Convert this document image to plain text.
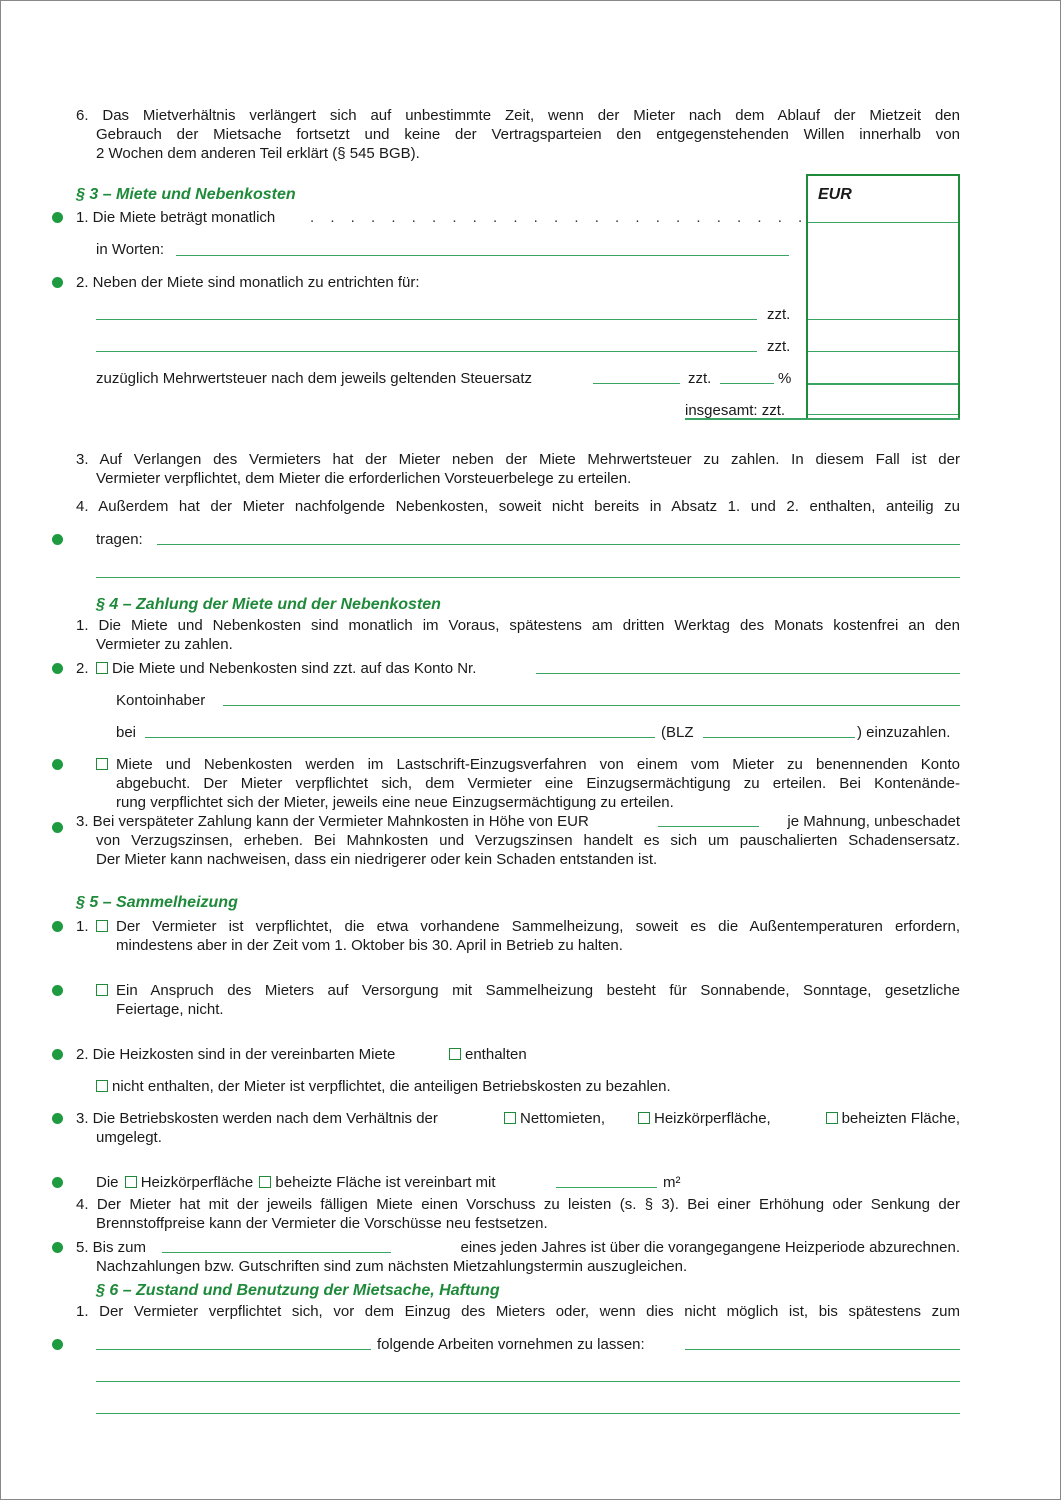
6. Das Mietverhältnis verlängert sich auf unbestimmte Zeit, wenn der Mieter nach dem Ablauf der Mietzeit den
Gebrauch der Mietsache fortsetzt und keine der Vertragsparteien den entgegenstehenden Willen innerhalb von
2 Wochen dem anderen Teil erklärt (§ 545 BGB).
§ 3 – Miete und Nebenkosten	EUR
1. Die Miete beträgt monatlich . . . . . . . . . . . . . . . . . . . . . . . . .
in Worten:
2. Neben der Miete sind monatlich zu entrichten für:
zzt.
zzt.
zuzüglich Mehrwertsteuer nach dem jeweils geltenden Steuersatz	zzt.	%
insgesamt: zzt.
3. Auf Verlangen des Vermieters hat der Mieter neben der Miete Mehrwertsteuer zu zahlen. In diesem Fall ist der
Vermieter verpflichtet, dem Mieter die erforderlichen Vorsteuerbelege zu erteilen.
4. Außerdem hat der Mieter nachfolgende Nebenkosten, soweit nicht bereits in Absatz 1. und 2. enthalten, anteilig zu
tragen:
§ 4 – Zahlung der Miete und der Nebenkosten
1. Die Miete und Nebenkosten sind monatlich im Voraus, spätestens am dritten Werktag des Monats kostenfrei an den
Vermieter zu zahlen.
2.	Die Miete und Nebenkosten sind zzt. auf das Konto Nr.
Kontoinhaber
bei	(BLZ	) einzuzahlen.
Miete und Nebenkosten werden im Lastschrift-Einzugsverfahren von einem vom Mieter zu benennenden Konto
abgebucht. Der Mieter verpflichtet sich, dem Vermieter eine Einzugsermächtigung zu erteilen. Bei Kontenände-
rung verpflichtet sich der Mieter, jeweils eine neue Einzugsermächtigung zu erteilen.
3. Bei verspäteter Zahlung kann der Vermieter Mahnkosten in Höhe von EUR	je Mahnung, unbeschadet
von Verzugszinsen, erheben. Bei Mahnkosten und Verzugszinsen handelt es sich um pauschalierten Schadensersatz.
Der Mieter kann nachweisen, dass ein niedrigerer oder kein Schaden entstanden ist.
§ 5 – Sammelheizung
1. Der Vermieter ist verpflichtet, die etwa vorhandene Sammelheizung, soweit es die Außentemperaturen erfordern,
mindestens aber in der Zeit vom 1. Oktober bis 30. April in Betrieb zu halten.
Ein Anspruch des Mieters auf Versorgung mit Sammelheizung besteht für Sonnabende, Sonntage, gesetzliche
Feiertage, nicht.
2. Die Heizkosten sind in der vereinbarten Miete	enthalten
nicht enthalten, der Mieter ist verpflichtet, die anteiligen Betriebskosten zu bezahlen.
3. Die Betriebskosten werden nach dem Verhältnis der	Nettomieten,	Heizkörperfläche,	beheizten Fläche,
umgelegt.
Die Heizkörperfläche beheizte Fläche ist vereinbart mit	m²
4. Der Mieter hat mit der jeweils fälligen Miete einen Vorschuss zu leisten (s. § 3). Bei einer Erhöhung oder Senkung der
Brennstoffpreise kann der Vermieter die Vorschüsse neu festsetzen.
5. Bis zum	eines jeden Jahres ist über die vorangegangene Heizperiode abzurechnen.
Nachzahlungen bzw. Gutschriften sind zum nächsten Mietzahlungstermin auszugleichen.
§ 6 – Zustand und Benutzung der Mietsache, Haftung
1. Der Vermieter verpflichtet sich, vor dem Einzug des Mieters oder, wenn dies nicht möglich ist, bis spätestens zum
folgende Arbeiten vornehmen zu lassen:
